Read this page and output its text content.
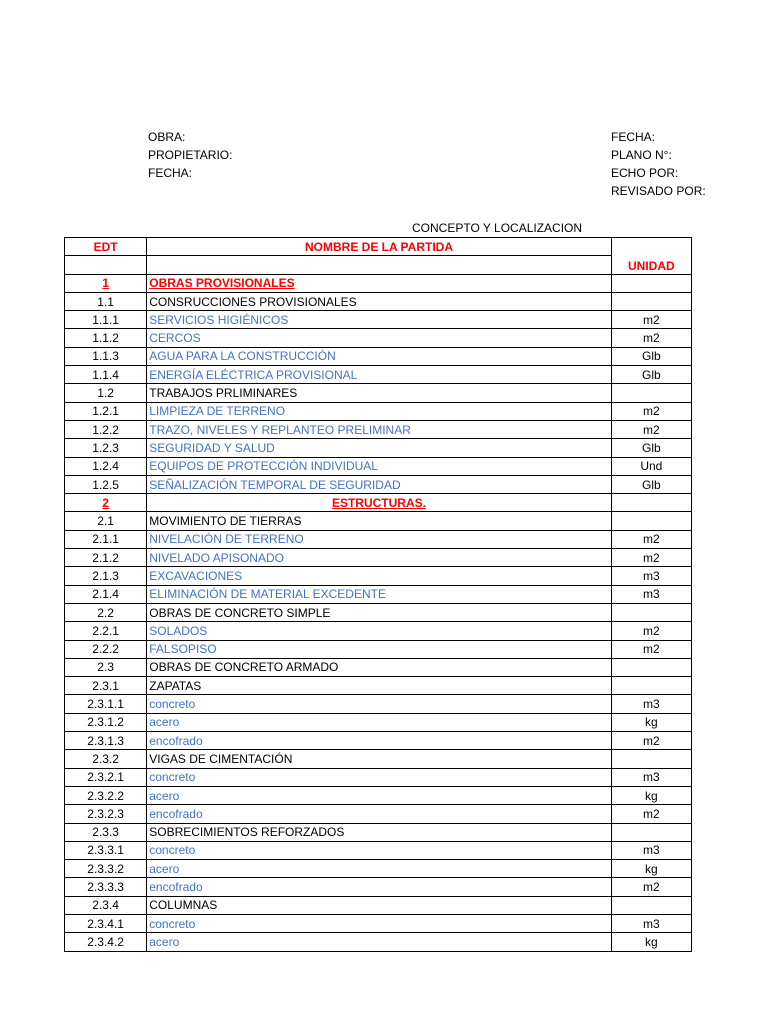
OBRA:
PROPIETARIO:
FECHA:
FECHA:
PLANO N°:
ECHO POR:
REVISADO POR:
CONCEPTO Y LOCALIZACION
EDT	NOMBRE DE LA PARTIDA	UNIDAD

1	OBRAS PROVISIONALES	
1.1	CONSRUCCIONES PROVISIONALES	
1.1.1	SERVICIOS HIGIÉNICOS	m2
1.1.2	CERCOS	m2
1.1.3	AGUA PARA LA CONSTRUCCIÓN	Glb
1.1.4	ENERGÍA ELÉCTRICA PROVISIONAL	Glb
1.2	TRABAJOS PRLIMINARES	
1.2.1	LIMPIEZA DE TERRENO	m2
1.2.2	TRAZO, NIVELES Y REPLANTEO PRELIMINAR	m2
1.2.3	SEGURIDAD Y SALUD	Glb
1.2.4	EQUIPOS DE PROTECCIÓN INDIVIDUAL	Und
1.2.5	SEÑALIZACIÓN TEMPORAL DE SEGURIDAD	Glb
2	ESTRUCTURAS.	
2.1	MOVIMIENTO DE TIERRAS	
2.1.1	NIVELACIÓN DE TERRENO	m2
2.1.2	NIVELADO APISONADO	m2
2.1.3	EXCAVACIONES	m3
2.1.4	ELIMINACIÓN DE MATERIAL EXCEDENTE	m3
2.2	OBRAS DE CONCRETO SIMPLE	
2.2.1	SOLADOS	m2
2.2.2	FALSOPISO	m2
2.3	OBRAS DE CONCRETO ARMADO	
2.3.1	ZAPATAS	
2.3.1.1	concreto	m3
2.3.1.2	acero	kg
2.3.1.3	encofrado	m2
2.3.2	VIGAS DE CIMENTACIÓN	
2.3.2.1	concreto	m3
2.3.2.2	acero	kg
2.3.2.3	encofrado	m2
2.3.3	SOBRECIMIENTOS REFORZADOS	
2.3.3.1	concreto	m3
2.3.3.2	acero	kg
2.3.3.3	encofrado	m2
2.3.4	COLUMNAS	
2.3.4.1	concreto	m3
2.3.4.2	acero	kg
